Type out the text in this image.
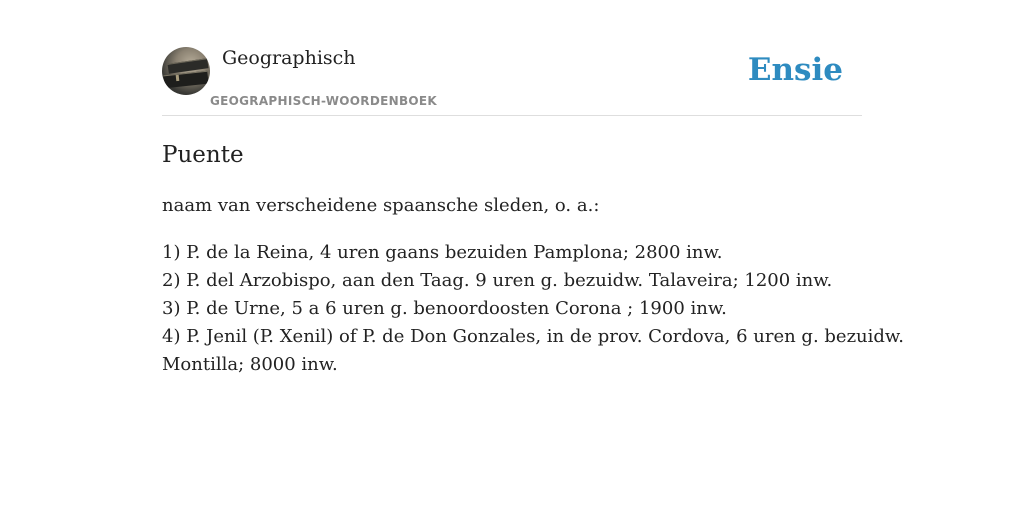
Geographisch
GEOGRAPHISCH-WOORDENBOEK
Ensie
Puente

naam van verscheidene spaansche sleden, o. a.:

1) P. de la Reina, 4 uren gaans bezuiden Pamplona; 2800 inw.
2) P. del Arzobispo, aan den Taag. 9 uren g. bezuidw. Talaveira; 1200 inw.
3) P. de Urne, 5 a 6 uren g. benoordoosten Corona ; 1900 inw.
4) P. Jenil (P. Xenil) of P. de Don Gonzales, in de prov. Cordova, 6 uren g. bezuidw.
Montilla; 8000 inw.
